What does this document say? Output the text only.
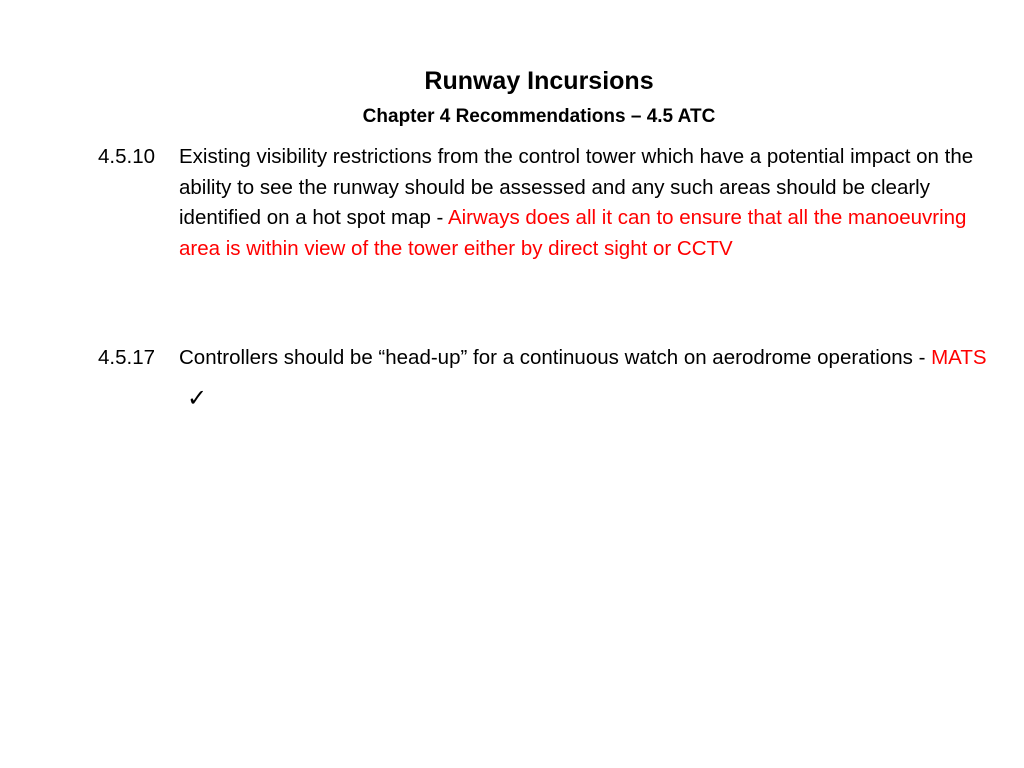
Runway Incursions
Chapter 4 Recommendations – 4.5 ATC
4.5.10	Existing visibility restrictions from the control tower which have a potential impact on the ability to see the runway should be assessed and any such areas should be clearly identified on a hot spot map - Airways does all it can to ensure that all the manoeuvring area is within view of the tower either by direct sight or CCTV
4.5.17	Controllers should be “head-up” for a continuous watch on aerodrome operations - MATS✓
